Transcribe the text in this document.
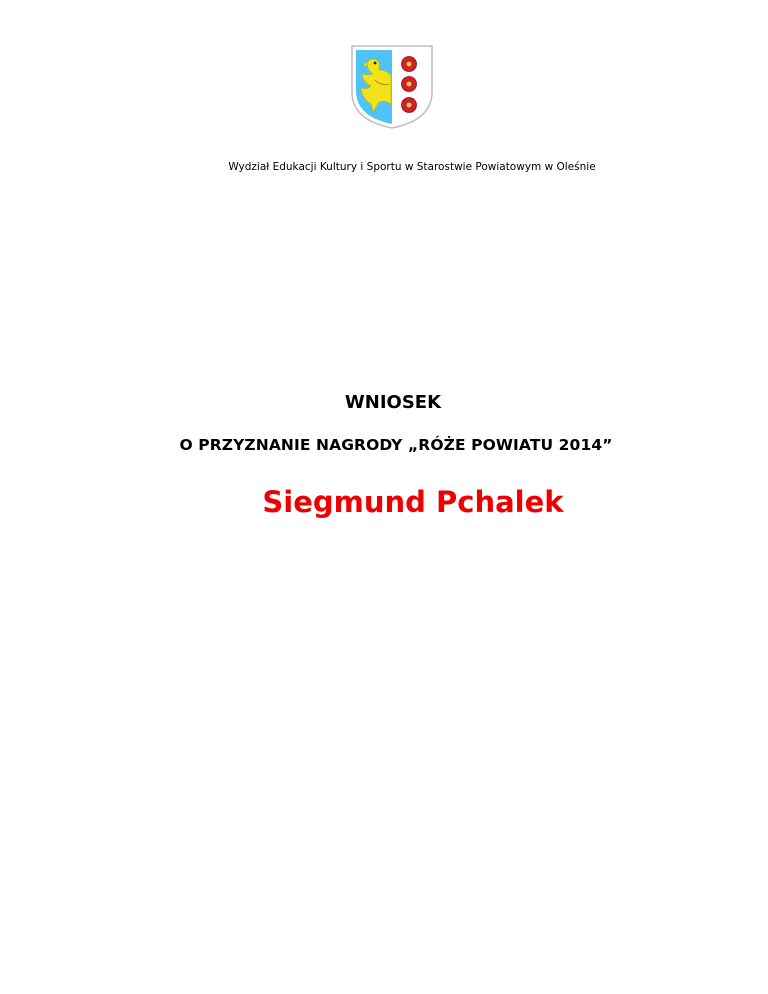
Wydział Edukacji Kultury i Sportu w Starostwie Powiatowym w Oleśnie
WNIOSEK
O PRZYZNANIE NAGRODY „RÓŻE POWIATU 2014”
Siegmund Pchalek
